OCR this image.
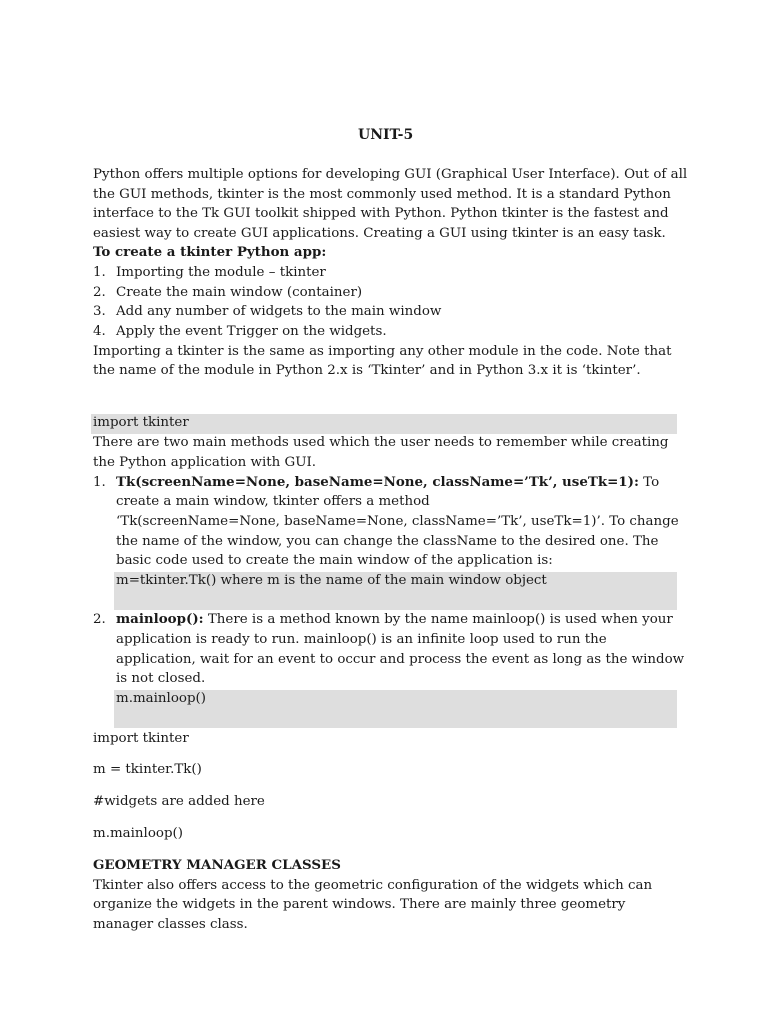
UNIT-5
Python offers multiple options for developing GUI (Graphical User Interface). Out of all
the GUI methods, tkinter is the most commonly used method. It is a standard Python
interface to the Tk GUI toolkit shipped with Python. Python tkinter is the fastest and
easiest way to create GUI applications. Creating a GUI using tkinter is an easy task.
To create a tkinter Python app:
1. Importing the module – tkinter
2. Create the main window (container)
3. Add any number of widgets to the main window
4. Apply the event Trigger on the widgets.
Importing a tkinter is the same as importing any other module in the code. Note that
the name of the module in Python 2.x is ‘Tkinter’ and in Python 3.x it is ‘tkinter’.
import tkinter
There are two main methods used which the user needs to remember while creating
the Python application with GUI.
1. Tk(screenName=None, baseName=None, className=’Tk’, useTk=1): To
create a main window, tkinter offers a method
‘Tk(screenName=None, baseName=None, className=’Tk’, useTk=1)’. To change
the name of the window, you can change the className to the desired one. The
basic code used to create the main window of the application is:
m=tkinter.Tk() where m is the name of the main window object
2. mainloop(): There is a method known by the name mainloop() is used when your
application is ready to run. mainloop() is an infinite loop used to run the
application, wait for an event to occur and process the event as long as the window
is not closed.
m.mainloop()
import tkinter
m = tkinter.Tk()
#widgets are added here
m.mainloop()
GEOMETRY MANAGER CLASSES
Tkinter also offers access to the geometric configuration of the widgets which can
organize the widgets in the parent windows. There are mainly three geometry
manager classes class.
